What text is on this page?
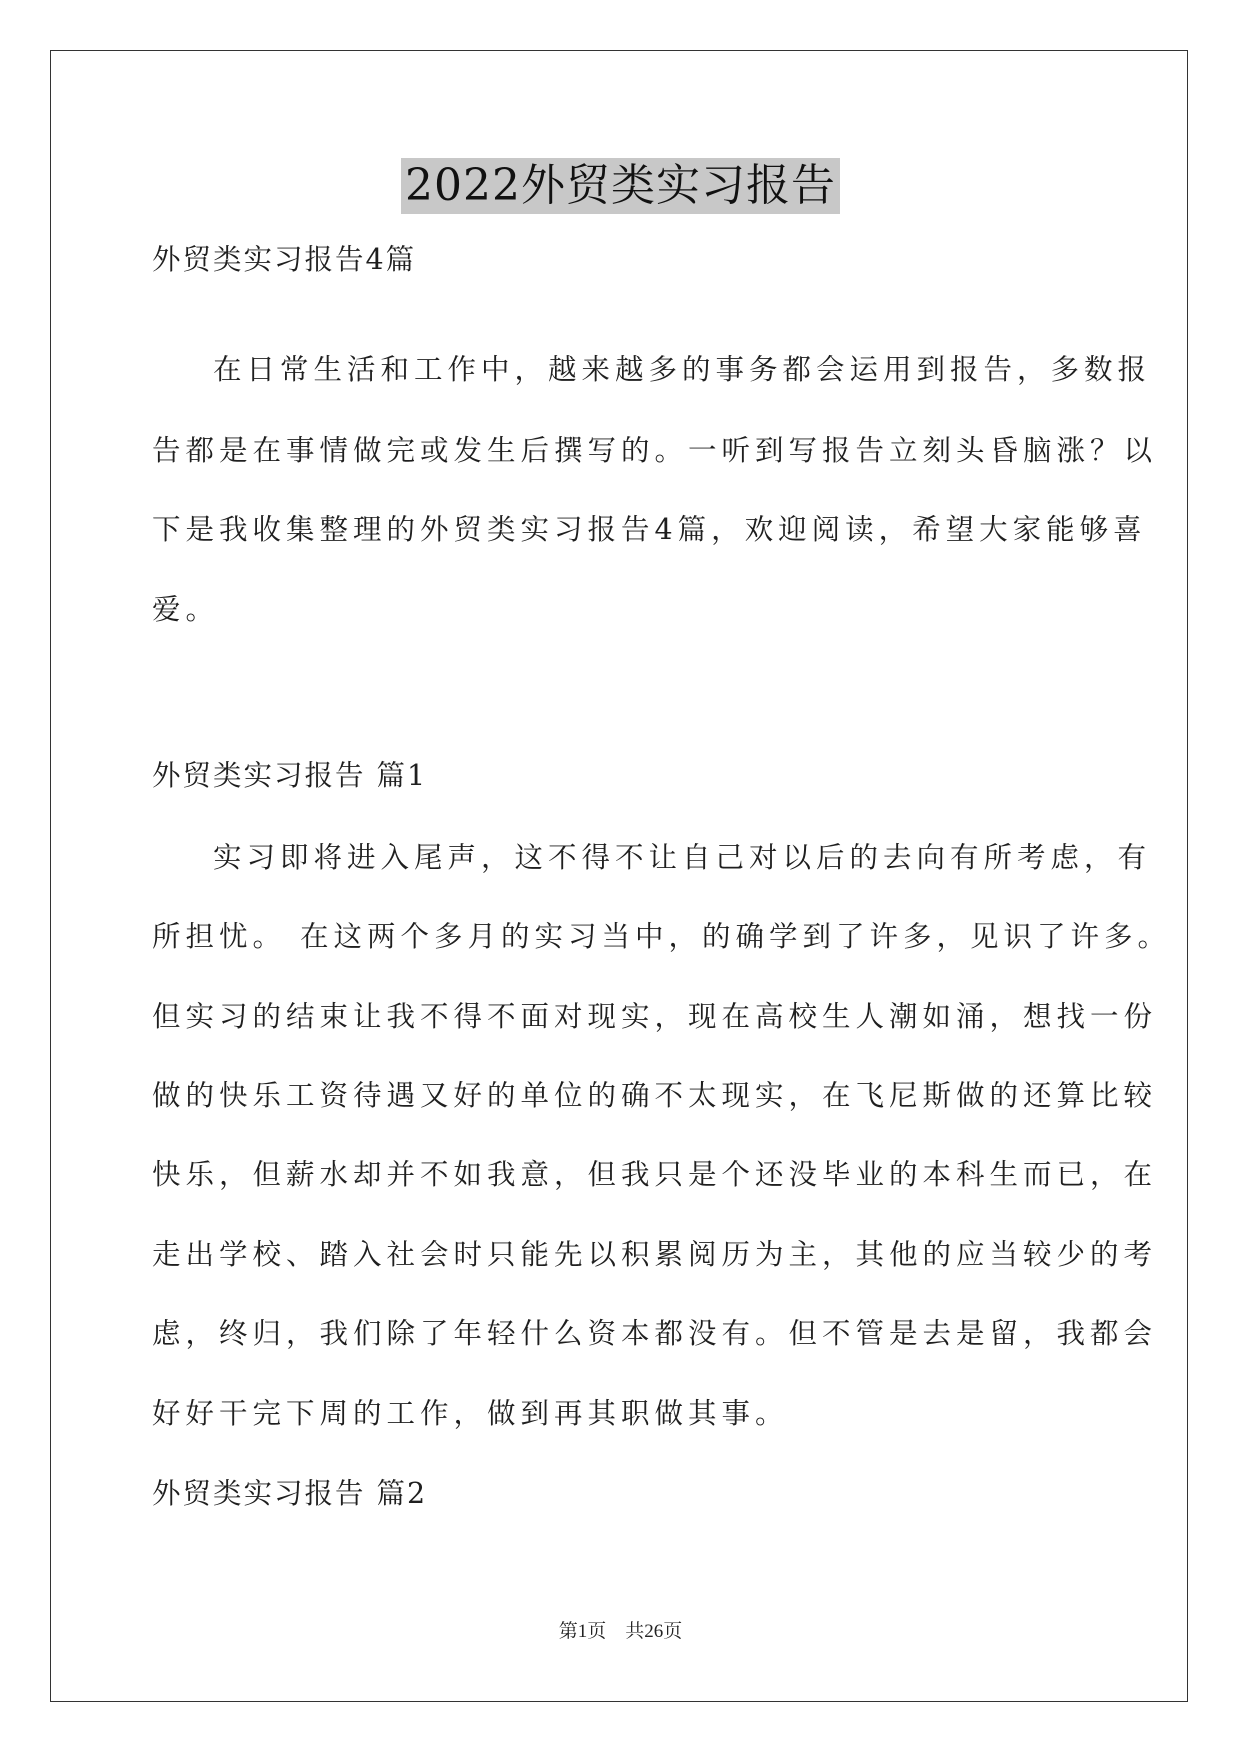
2022外贸类实习报告
外贸类实习报告4篇
在日常生活和工作中，越来越多的事务都会运用到报告，多数报
告都是在事情做完或发生后撰写的。一听到写报告立刻头昏脑涨？以
下是我收集整理的外贸类实习报告4篇，欢迎阅读，希望大家能够喜
爱。
外贸类实习报告 篇1
实习即将进入尾声，这不得不让自己对以后的去向有所考虑，有
所担忧。 在这两个多月的实习当中，的确学到了许多，见识了许多。
但实习的结束让我不得不面对现实，现在高校生人潮如涌，想找一份
做的快乐工资待遇又好的单位的确不太现实，在飞尼斯做的还算比较
快乐，但薪水却并不如我意，但我只是个还没毕业的本科生而已，在
走出学校、踏入社会时只能先以积累阅历为主，其他的应当较少的考
虑，终归，我们除了年轻什么资本都没有。但不管是去是留，我都会
好好干完下周的工作，做到再其职做其事。
外贸类实习报告 篇2
第1页 共26页
